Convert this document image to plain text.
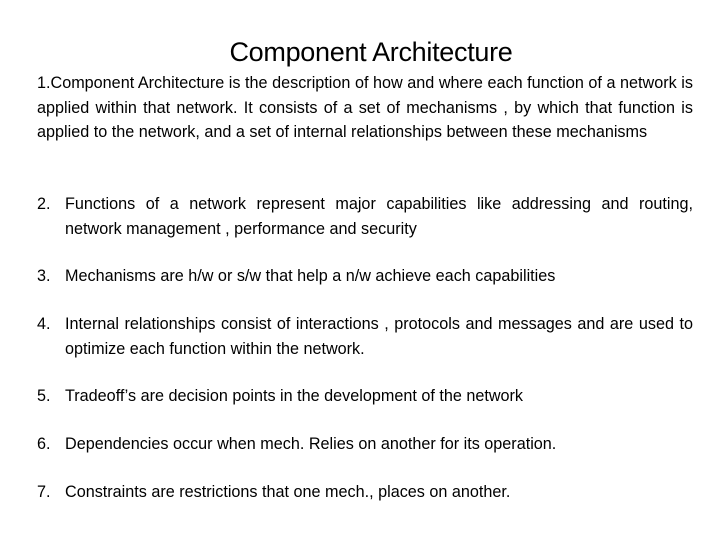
Component Architecture
1.Component Architecture is the description of how and where each function of a network is applied within that network. It consists of a set of mechanisms , by which that function is applied to the network, and a set of internal relationships between these mechanisms
2. Functions of a network represent major capabilities like addressing and routing, network management , performance and security
3. Mechanisms are h/w or s/w that help a n/w achieve each capabilities
4. Internal relationships consist of interactions , protocols and messages and are used to optimize each function within the network.
5. Tradeoff’s are decision points in the development of the network
6. Dependencies occur when mech. Relies on another for its operation.
7. Constraints are restrictions that one mech., places on another.
